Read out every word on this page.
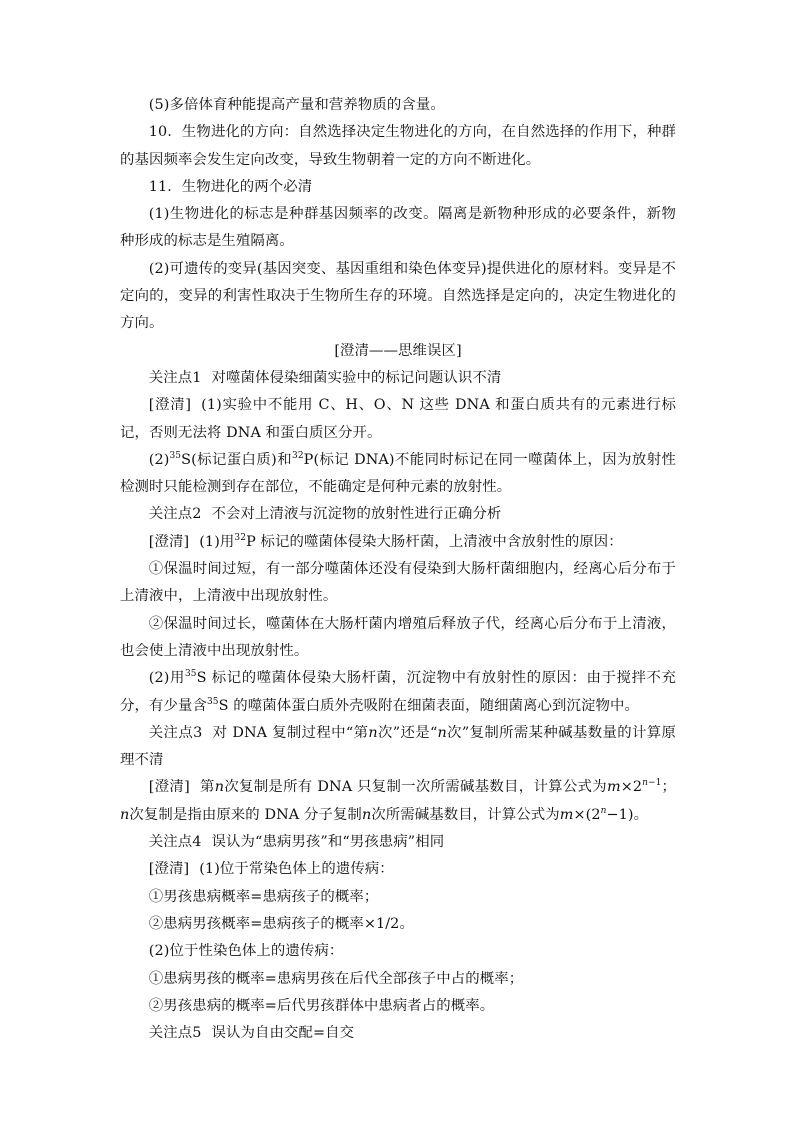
(5)多倍体育种能提高产量和营养物质的含量。

10．生物进化的方向：自然选择决定生物进化的方向，在自然选择的作用下，种群的基因频率会发生定向改变，导致生物朝着一定的方向不断进化。

11．生物进化的两个必清

(1)生物进化的标志是种群基因频率的改变。隔离是新物种形成的必要条件，新物种形成的标志是生殖隔离。

(2)可遗传的变异(基因突变、基因重组和染色体变异)提供进化的原材料。变异是不定向的，变异的利害性取决于生物所生存的环境。自然选择是定向的，决定生物进化的方向。

[澄清——思维误区]

关注点1 对噬菌体侵染细菌实验中的标记问题认识不清

[澄清] (1)实验中不能用 C、H、O、N 这些 DNA 和蛋白质共有的元素进行标记，否则无法将 DNA 和蛋白质区分开。

$(2)^{35}S$(标记蛋白质)和$^{32}$P(标记 DNA)不能同时标记在同一噬菌体上，因为放射性检测时只能检测到存在部位，不能确定是何种元素的放射性。

关注点2 不会对上清液与沉淀物的放射性进行正确分析

[澄清] (1)用$^{32}$P 标记的噬菌体侵染大肠杆菌，上清液中含放射性的原因：

①保温时间过短，有一部分噬菌体还没有侵染到大肠杆菌细胞内，经离心后分布于上清液中，上清液中出现放射性。

②保温时间过长，噬菌体在大肠杆菌内增殖后释放子代，经离心后分布于上清液，也会使上清液中出现放射性。

(2)用$^{35}$S 标记的噬菌体侵染大肠杆菌，沉淀物中有放射性的原因：由于搅拌不充分，有少量含$^{35}$S 的噬菌体蛋白质外壳吸附在细菌表面，随细菌离心到沉淀物中。

关注点3 对 DNA 复制过程中“第n次”还是“n次”复制所需某种碱基数量的计算原理不清

[澄清] 第n次复制是所有 DNA 只复制一次所需碱基数目，计算公式为$m\times 2^{n-1}$；n次复制是指由原来的 DNA 分子复制n次所需碱基数目，计算公式为$m\times(2^n-1)$。

关注点4 误认为“患病男孩”和“男孩患病”相同

[澄清] (1)位于常染色体上的遗传病：

①男孩患病概率=患病孩子的概率；

②患病男孩概率=患病孩子的概率×1/2。

(2)位于性染色体上的遗传病：

①患病男孩的概率=患病男孩在后代全部孩子中占的概率；

②男孩患病的概率=后代男孩群体中患病者占的概率。

关注点5 误认为自由交配=自交
